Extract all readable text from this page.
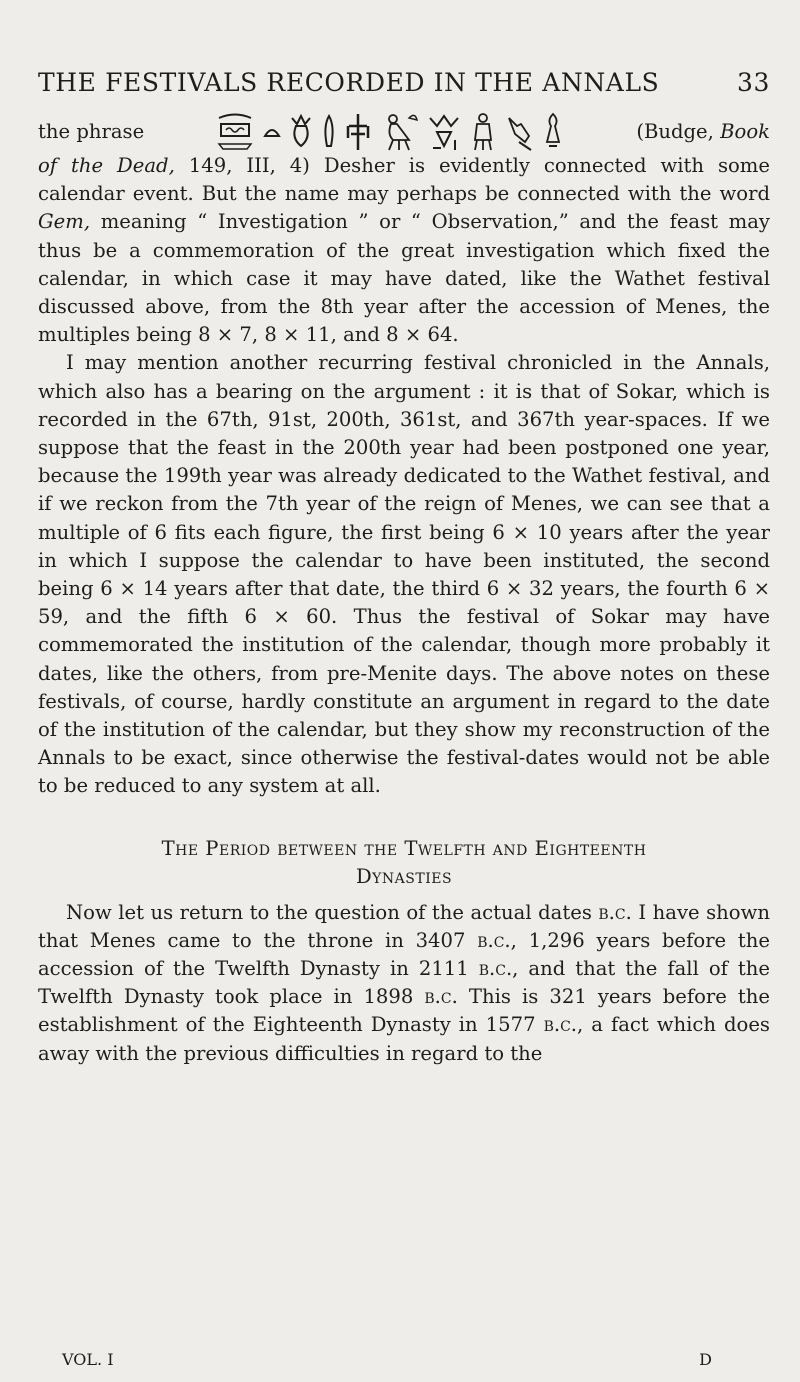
THE FESTIVALS RECORDED IN THE ANNALS	33
the phrase	(Budge, Book

of the Dead, 149, III, 4) Desher is evidently connected with some calendar event. But the name may perhaps be connected with the word Gem, meaning “ Investigation ” or “ Observation,” and the feast may thus be a commemoration of the great investigation which fixed the calendar, in which case it may have dated, like the Wathet festival discussed above, from the 8th year after the accession of Menes, the multiples being 8 × 7, 8 × 11, and 8 × 64.

I may mention another recurring festival chronicled in the Annals, which also has a bearing on the argument : it is that of Sokar, which is recorded in the 67th, 91st, 200th, 361st, and 367th year-spaces. If we suppose that the feast in the 200th year had been postponed one year, because the 199th year was already dedicated to the Wathet festival, and if we reckon from the 7th year of the reign of Menes, we can see that a multiple of 6 fits each figure, the first being 6 × 10 years after the year in which I suppose the calendar to have been instituted, the second being 6 × 14 years after that date, the third 6 × 32 years, the fourth 6 × 59, and the fifth 6 × 60. Thus the festival of Sokar may have commemorated the institution of the calendar, though more probably it dates, like the others, from pre-Menite days. The above notes on these festivals, of course, hardly constitute an argument in regard to the date of the institution of the calendar, but they show my reconstruction of the Annals to be exact, since otherwise the festival-dates would not be able to be reduced to any system at all.

The Period between the Twelfth and Eighteenth
Dynasties

Now let us return to the question of the actual dates b.c. I have shown that Menes came to the throne in 3407 b.c., 1,296 years before the accession of the Twelfth Dynasty in 2111 b.c., and that the fall of the Twelfth Dynasty took place in 1898 b.c. This is 321 years before the establishment of the Eighteenth Dynasty in 1577 b.c., a fact which does away with the previous difficulties in regard to the

VOL. I	D
